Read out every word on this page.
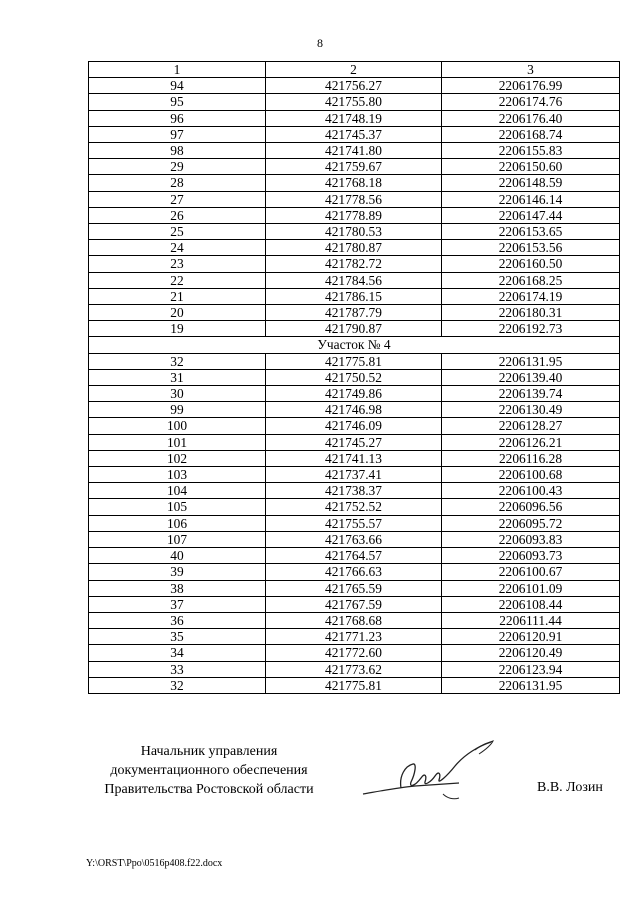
8
1	2	3
94	421756.27	2206176.99
95	421755.80	2206174.76
96	421748.19	2206176.40
97	421745.37	2206168.74
98	421741.80	2206155.83
29	421759.67	2206150.60
28	421768.18	2206148.59
27	421778.56	2206146.14
26	421778.89	2206147.44
25	421780.53	2206153.65
24	421780.87	2206153.56
23	421782.72	2206160.50
22	421784.56	2206168.25
21	421786.15	2206174.19
20	421787.79	2206180.31
19	421790.87	2206192.73
Участок № 4		
32	421775.81	2206131.95
31	421750.52	2206139.40
30	421749.86	2206139.74
99	421746.98	2206130.49
100	421746.09	2206128.27
101	421745.27	2206126.21
102	421741.13	2206116.28
103	421737.41	2206100.68
104	421738.37	2206100.43
105	421752.52	2206096.56
106	421755.57	2206095.72
107	421763.66	2206093.83
40	421764.57	2206093.73
39	421766.63	2206100.67
38	421765.59	2206101.09
37	421767.59	2206108.44
36	421768.68	2206111.44
35	421771.23	2206120.91
34	421772.60	2206120.49
33	421773.62	2206123.94
32	421775.81	2206131.95
Начальник управления
документационного обеспечения
Правительства Ростовской области	В.В. Лозин
Y:\ORST\Ppo\0516p408.f22.docx
